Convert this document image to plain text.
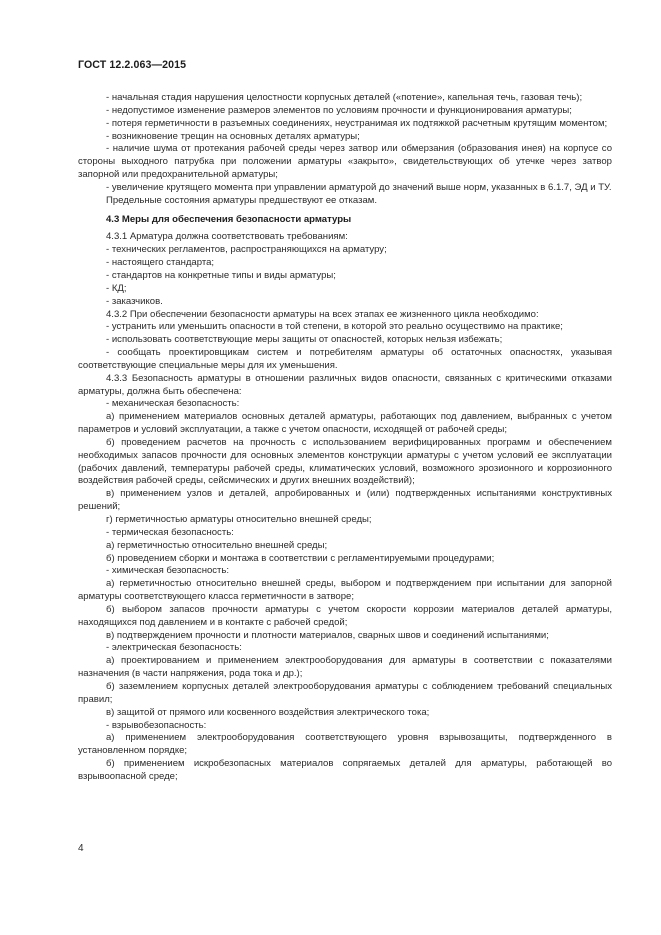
ГОСТ 12.2.063—2015

- начальная стадия нарушения целостности корпусных деталей («потение», капельная течь, газовая течь);

- недопустимое изменение размеров элементов по условиям прочности и функционирования арматуры;

- потеря герметичности в разъемных соединениях, неустранимая их подтяжкой расчетным крутящим моментом;

- возникновение трещин на основных деталях арматуры;

- наличие шума от протекания рабочей среды через затвор или обмерзания (образования инея) на корпусе со стороны выходного патрубка при положении арматуры «закрыто», свидетельствующих об утечке через затвор запорной или предохранительной арматуры;

- увеличение крутящего момента при управлении арматурой до значений выше норм, указанных в 6.1.7, ЭД и ТУ.

Предельные состояния арматуры предшествуют ее отказам.

4.3 Меры для обеспечения безопасности арматуры

4.3.1 Арматура должна соответствовать требованиям:

- технических регламентов, распространяющихся на арматуру;

- настоящего стандарта;

- стандартов на конкретные типы и виды арматуры;

- КД;

- заказчиков.

4.3.2 При обеспечении безопасности арматуры на всех этапах ее жизненного цикла необходимо:

- устранить или уменьшить опасности в той степени, в которой это реально осуществимо на практике;

- использовать соответствующие меры защиты от опасностей, которых нельзя избежать;

- сообщать проектировщикам систем и потребителям арматуры об остаточных опасностях, указывая соответствующие специальные меры для их уменьшения.

4.3.3 Безопасность арматуры в отношении различных видов опасности, связанных с критическими отказами арматуры, должна быть обеспечена:

- механическая безопасность:

а) применением материалов основных деталей арматуры, работающих под давлением, выбранных с учетом параметров и условий эксплуатации, а также с учетом опасности, исходящей от рабочей среды;

б) проведением расчетов на прочность с использованием верифицированных программ и обеспечением необходимых запасов прочности для основных элементов конструкции арматуры с учетом условий ее эксплуатации (рабочих давлений, температуры рабочей среды, климатических условий, возможного эрозионного и коррозионного воздействия рабочей среды, сейсмических и других внешних воздействий);

в) применением узлов и деталей, апробированных и (или) подтвержденных испытаниями конструктивных решений;

г) герметичностью арматуры относительно внешней среды;

- термическая безопасность:

а) герметичностью относительно внешней среды;

б) проведением сборки и монтажа в соответствии с регламентируемыми процедурами;

- химическая безопасность:

а) герметичностью относительно внешней среды, выбором и подтверждением при испытании для запорной арматуры соответствующего класса герметичности в затворе;

б) выбором запасов прочности арматуры с учетом скорости коррозии материалов деталей арматуры, находящихся под давлением и в контакте с рабочей средой;

в) подтверждением прочности и плотности материалов, сварных швов и соединений испытаниями;

- электрическая безопасность:

а) проектированием и применением электрооборудования для арматуры в соответствии с показателями назначения (в части напряжения, рода тока и др.);

б) заземлением корпусных деталей электрооборудования арматуры с соблюдением требований специальных правил;

в) защитой от прямого или косвенного воздействия электрического тока;

- взрывобезопасность:

а) применением электрооборудования соответствующего уровня взрывозащиты, подтвержденного в установленном порядке;

б) применением искробезопасных материалов сопрягаемых деталей для арматуры, работающей во взрывоопасной среде;

4
